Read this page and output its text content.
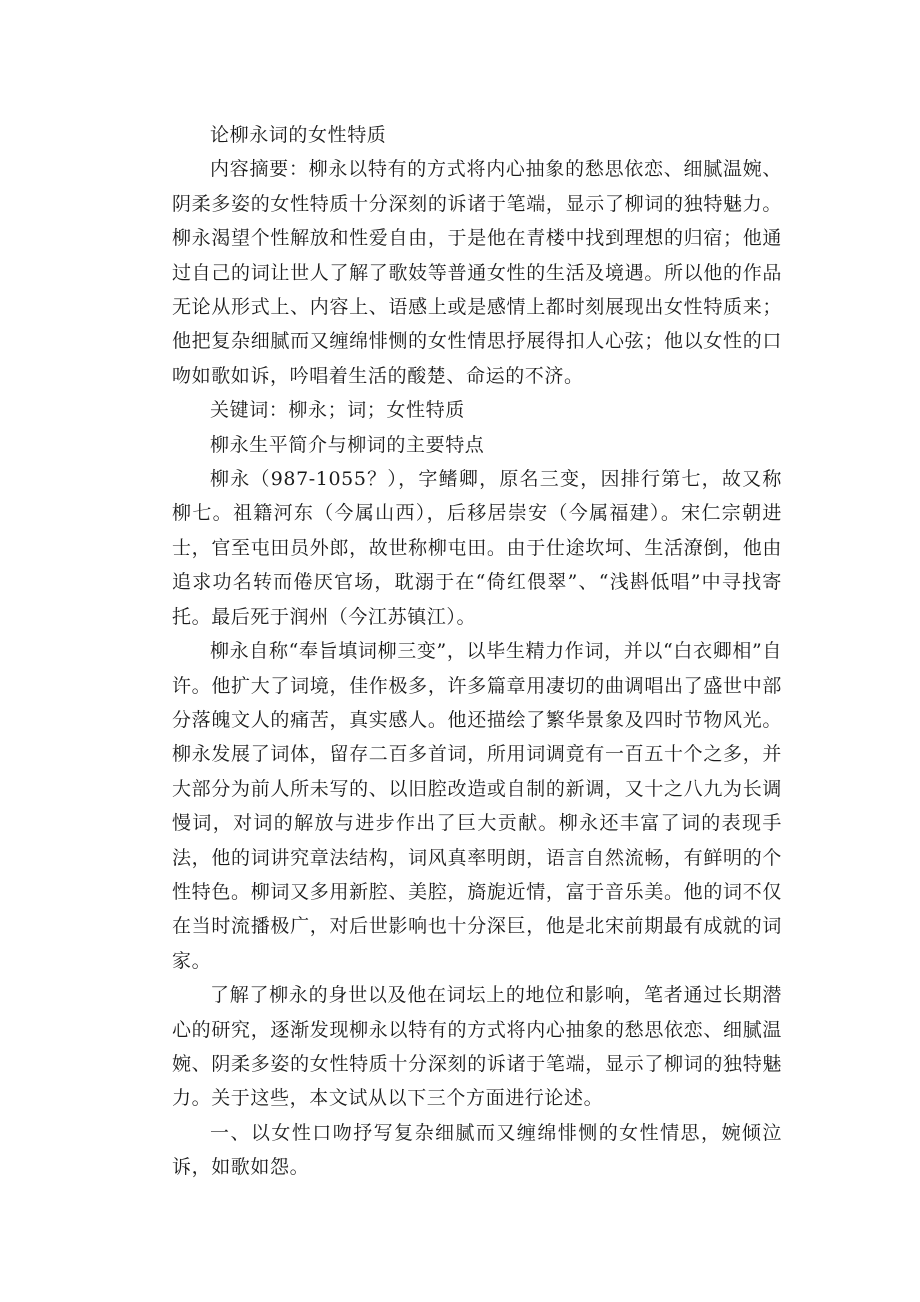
论柳永词的女性特质

内容摘要：柳永以特有的方式将内心抽象的愁思依恋、细腻温婉、阴柔多姿的女性特质十分深刻的诉诸于笔端，显示了柳词的独特魅力。柳永渴望个性解放和性爱自由，于是他在青楼中找到理想的归宿；他通过自己的词让世人了解了歌妓等普通女性的生活及境遇。所以他的作品无论从形式上、内容上、语感上或是感情上都时刻展现出女性特质来；他把复杂细腻而又缠绵悱恻的女性情思抒展得扣人心弦；他以女性的口吻如歌如诉，吟唱着生活的酸楚、命运的不济。

关键词：柳永；词；女性特质

柳永生平简介与柳词的主要特点

柳永（987-1055？），字鳍卿，原名三变，因排行第七，故又称柳七。祖籍河东（今属山西），后移居崇安（今属福建）。宋仁宗朝进士，官至屯田员外郎，故世称柳屯田。由于仕途坎坷、生活潦倒，他由追求功名转而倦厌官场，耽溺于在“倚红偎翠”、“浅斟低唱”中寻找寄托。最后死于润州（今江苏镇江）。

柳永自称“奉旨填词柳三变”，以毕生精力作词，并以“白衣卿相”自许。他扩大了词境，佳作极多，许多篇章用凄切的曲调唱出了盛世中部分落魄文人的痛苦，真实感人。他还描绘了繁华景象及四时节物风光。柳永发展了词体，留存二百多首词，所用词调竟有一百五十个之多，并大部分为前人所未写的、以旧腔改造或自制的新调，又十之八九为长调慢词，对词的解放与进步作出了巨大贡献。柳永还丰富了词的表现手法，他的词讲究章法结构，词风真率明朗，语言自然流畅，有鲜明的个性特色。柳词又多用新腔、美腔，旖旎近情，富于音乐美。他的词不仅在当时流播极广，对后世影响也十分深巨，他是北宋前期最有成就的词家。

了解了柳永的身世以及他在词坛上的地位和影响，笔者通过长期潜心的研究，逐渐发现柳永以特有的方式将内心抽象的愁思依恋、细腻温婉、阴柔多姿的女性特质十分深刻的诉诸于笔端，显示了柳词的独特魅力。关于这些，本文试从以下三个方面进行论述。

一、以女性口吻抒写复杂细腻而又缠绵悱恻的女性情思，婉倾泣诉，如歌如怨。
